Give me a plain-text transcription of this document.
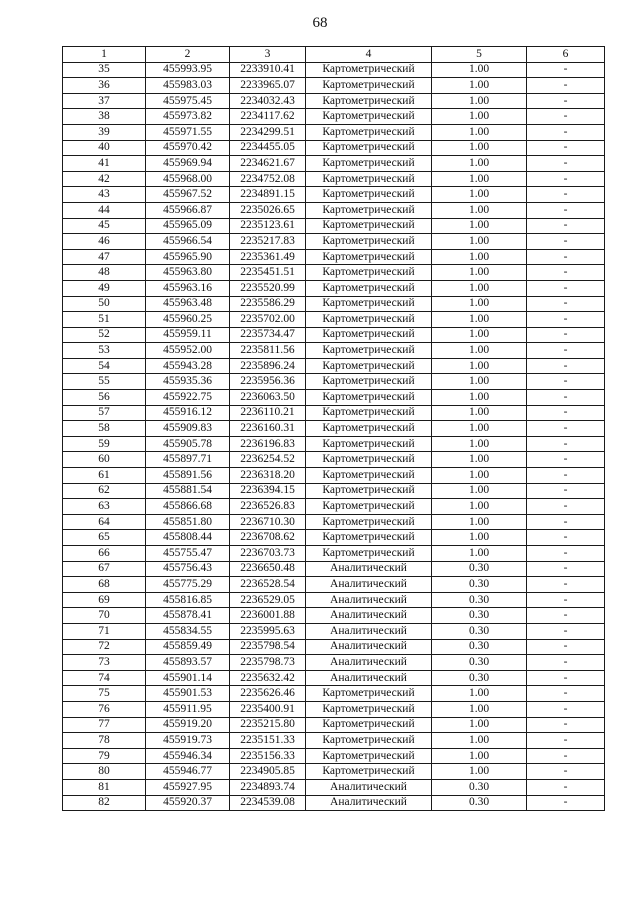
68
1	2	3	4	5	6
35	455993.95	2233910.41	Картометрический	1.00	-
36	455983.03	2233965.07	Картометрический	1.00	-
37	455975.45	2234032.43	Картометрический	1.00	-
38	455973.82	2234117.62	Картометрический	1.00	-
39	455971.55	2234299.51	Картометрический	1.00	-
40	455970.42	2234455.05	Картометрический	1.00	-
41	455969.94	2234621.67	Картометрический	1.00	-
42	455968.00	2234752.08	Картометрический	1.00	-
43	455967.52	2234891.15	Картометрический	1.00	-
44	455966.87	2235026.65	Картометрический	1.00	-
45	455965.09	2235123.61	Картометрический	1.00	-
46	455966.54	2235217.83	Картометрический	1.00	-
47	455965.90	2235361.49	Картометрический	1.00	-
48	455963.80	2235451.51	Картометрический	1.00	-
49	455963.16	2235520.99	Картометрический	1.00	-
50	455963.48	2235586.29	Картометрический	1.00	-
51	455960.25	2235702.00	Картометрический	1.00	-
52	455959.11	2235734.47	Картометрический	1.00	-
53	455952.00	2235811.56	Картометрический	1.00	-
54	455943.28	2235896.24	Картометрический	1.00	-
55	455935.36	2235956.36	Картометрический	1.00	-
56	455922.75	2236063.50	Картометрический	1.00	-
57	455916.12	2236110.21	Картометрический	1.00	-
58	455909.83	2236160.31	Картометрический	1.00	-
59	455905.78	2236196.83	Картометрический	1.00	-
60	455897.71	2236254.52	Картометрический	1.00	-
61	455891.56	2236318.20	Картометрический	1.00	-
62	455881.54	2236394.15	Картометрический	1.00	-
63	455866.68	2236526.83	Картометрический	1.00	-
64	455851.80	2236710.30	Картометрический	1.00	-
65	455808.44	2236708.62	Картометрический	1.00	-
66	455755.47	2236703.73	Картометрический	1.00	-
67	455756.43	2236650.48	Аналитический	0.30	-
68	455775.29	2236528.54	Аналитический	0.30	-
69	455816.85	2236529.05	Аналитический	0.30	-
70	455878.41	2236001.88	Аналитический	0.30	-
71	455834.55	2235995.63	Аналитический	0.30	-
72	455859.49	2235798.54	Аналитический	0.30	-
73	455893.57	2235798.73	Аналитический	0.30	-
74	455901.14	2235632.42	Аналитический	0.30	-
75	455901.53	2235626.46	Картометрический	1.00	-
76	455911.95	2235400.91	Картометрический	1.00	-
77	455919.20	2235215.80	Картометрический	1.00	-
78	455919.73	2235151.33	Картометрический	1.00	-
79	455946.34	2235156.33	Картометрический	1.00	-
80	455946.77	2234905.85	Картометрический	1.00	-
81	455927.95	2234893.74	Аналитический	0.30	-
82	455920.37	2234539.08	Аналитический	0.30	-
